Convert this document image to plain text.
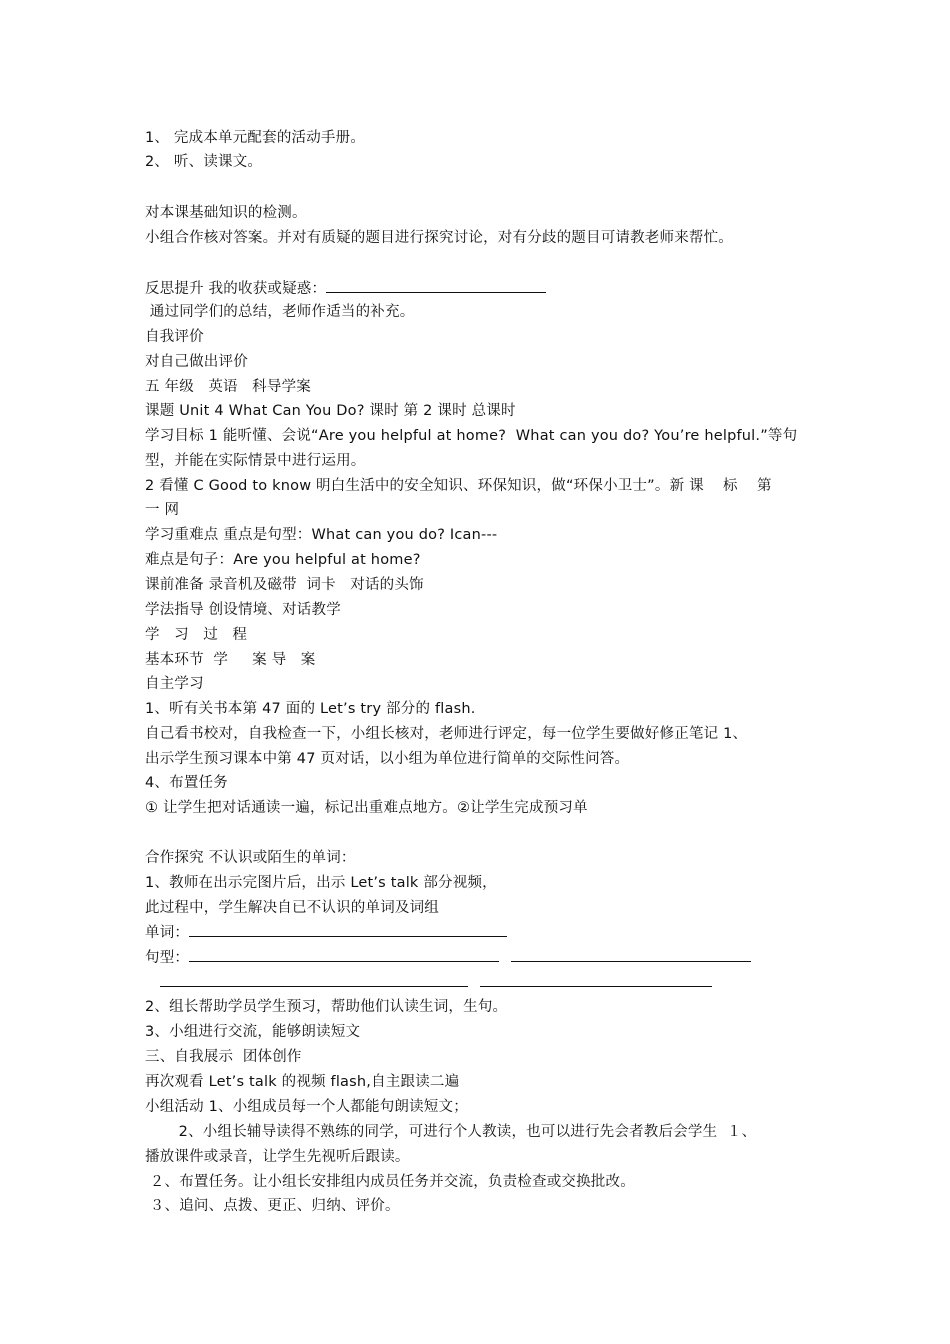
1、 完成本单元配套的活动手册。
2、 听、读课文。
对本课基础知识的检测。
小组合作核对答案。并对有质疑的题目进行探究讨论，对有分歧的题目可请教老师来帮忙。
反思提升 我的收获或疑惑：
通过同学们的总结，老师作适当的补充。
自我评价
对自己做出评价
五 年级   英语   科导学案
课题 Unit 4 What Can You Do? 课时 第 2 课时 总课时
学习目标 1 能听懂、会说“Are you helpful at home?  What can you do? You’re helpful.”等句
型，并能在实际情景中进行运用。
2 看懂 C Good to know 明白生活中的安全知识、环保知识，做“环保小卫士”。新 课    标    第
一 网
学习重难点 重点是句型：What can you do? Ican---
难点是句子：Are you helpful at home?
课前准备 录音机及磁带  词卡   对话的头饰
学法指导 创设情境、对话教学
学   习   过   程
基本环节  学     案 导   案
自主学习
1、听有关书本第 47 面的 Let’s try 部分的 flash.
自己看书校对，自我检查一下，小组长核对，老师进行评定，每一位学生要做好修正笔记 1、
出示学生预习课本中第 47 页对话，以小组为单位进行简单的交际性问答。
4、布置任务
① 让学生把对话通读一遍，标记出重难点地方。②让学生完成预习单
合作探究 不认识或陌生的单词：
1、教师在出示完图片后，出示 Let’s talk 部分视频，
此过程中，学生解决自已不认识的单词及词组
单词：
句型：
2、组长帮助学员学生预习，帮助他们认读生词，生句。
3、小组进行交流，能够朗读短文
三、自我展示  团体创作
再次观看 Let’s talk 的视频 flash,自主跟读二遍
小组活动 1、小组成员每一个人都能句朗读短文；
2、小组长辅导读得不熟练的同学，可进行个人教读，也可以进行先会者教后会学生  １、
播放课件或录音，让学生先视听后跟读。
２、布置任务。让小组长安排组内成员任务并交流，负责检查或交换批改。
３、追问、点拨、更正、归纳、评价。
